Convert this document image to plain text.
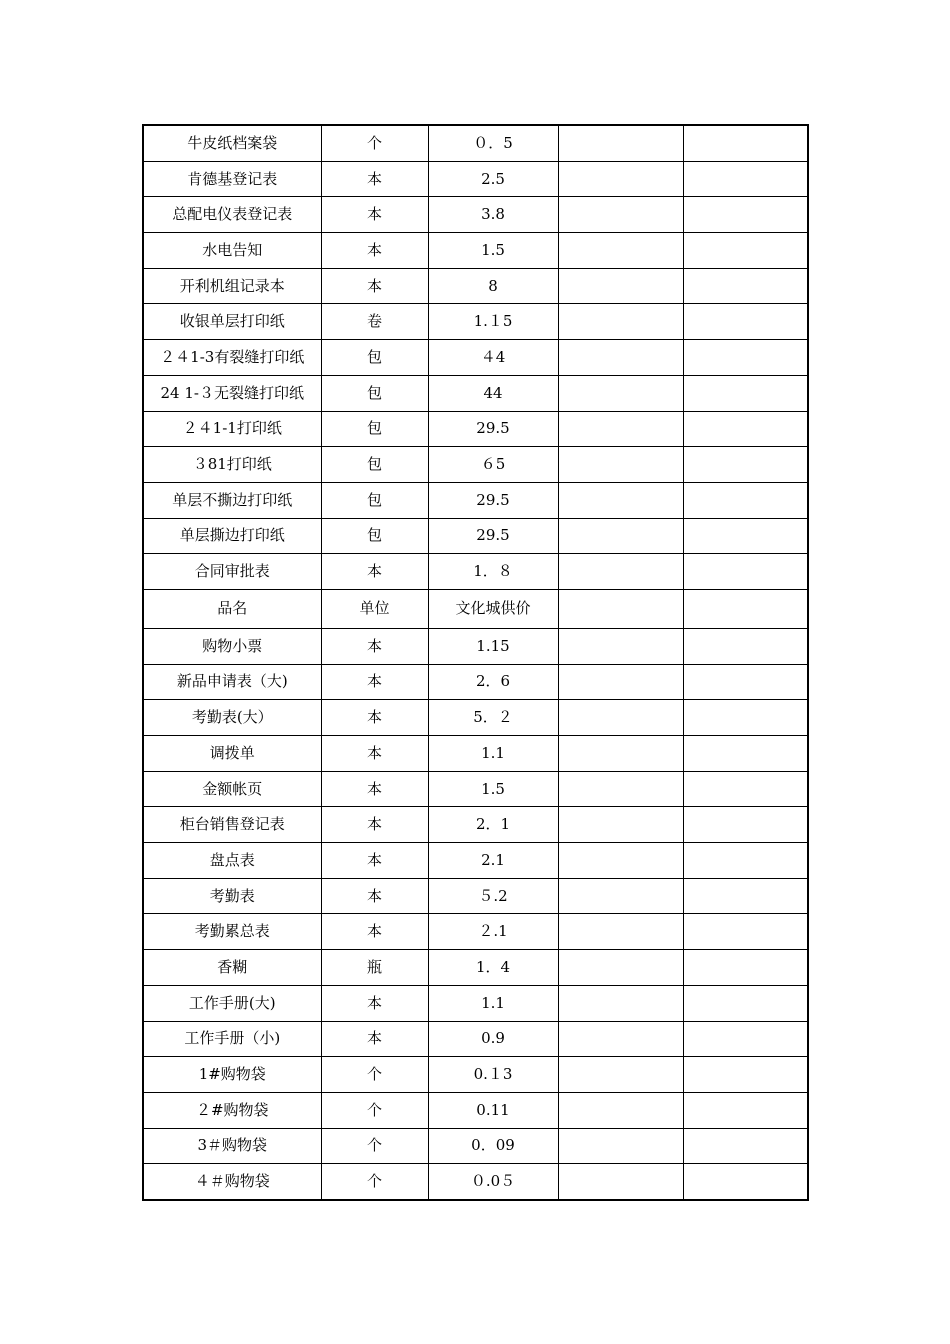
牛皮纸档案袋	个	０．5		
肯德基登记表	本	2.5		
总配电仪表登记表	本	3.8		
水电告知	本	1.5		
开利机组记录本	本	8		
收银单层打印纸	卷	1.１5		
２４1-3有裂缝打印纸	包	４4		
24 1-３无裂缝打印纸	包	44		
２４1-1打印纸	包	29.5		
３81打印纸	包	６5		
单层不撕边打印纸	包	29.5		
单层撕边打印纸	包	29.5		
合同审批表	本	1．８		
品名	单位	文化城供价		
购物小票	本	1.15		
新品申请表（大)	本	2．6		
考勤表(大）	本	5．２		
调拨单	本	1.1		
金额帐页	本	1.5		
柜台销售登记表	本	2．1		
盘点表	本	2.1		
考勤表	本	５.2		
考勤累总表	本	２.1		
香糊	瓶	1．4		
工作手册(大)	本	1.1		
工作手册（小)	本	0.9		
1#购物袋	个	0.１3		
２#购物袋	个	0.11		
3＃购物袋	个	0．09		
４＃购物袋	个	０.0５		
